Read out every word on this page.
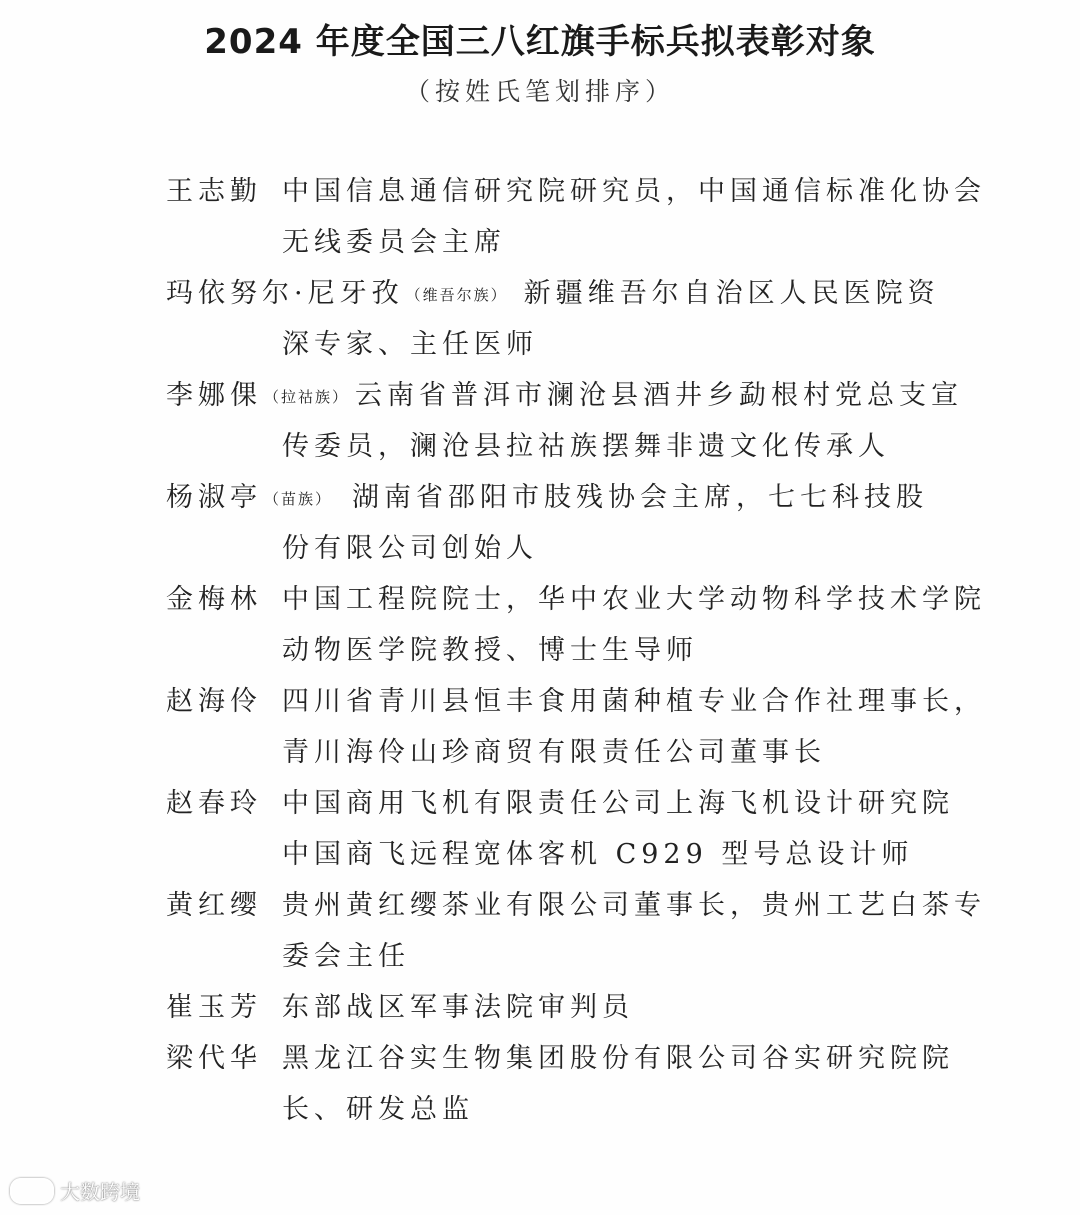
2024 年度全国三八红旗手标兵拟表彰对象
（按姓氏笔划排序）
王志勤 中国信息通信研究院研究员，中国通信标准化协会
无线委员会主席
玛依努尔·尼牙孜 （维吾尔族） 新疆维吾尔自治区人民医院资
深专家、主任医师
李娜倮 （拉祜族） 云南省普洱市澜沧县酒井乡勐根村党总支宣
传委员，澜沧县拉祜族摆舞非遗文化传承人
杨淑亭 （苗族） 湖南省邵阳市肢残协会主席，七七科技股
份有限公司创始人
金梅林 中国工程院院士，华中农业大学动物科学技术学院
动物医学院教授、博士生导师
赵海伶 四川省青川县恒丰食用菌种植专业合作社理事长，
青川海伶山珍商贸有限责任公司董事长
赵春玲 中国商用飞机有限责任公司上海飞机设计研究院
中国商飞远程宽体客机 C929 型号总设计师
黄红缨 贵州黄红缨茶业有限公司董事长，贵州工艺白茶专
委会主任
崔玉芳 东部战区军事法院审判员
梁代华 黑龙江谷实生物集团股份有限公司谷实研究院院
长、研发总监
大数跨境
